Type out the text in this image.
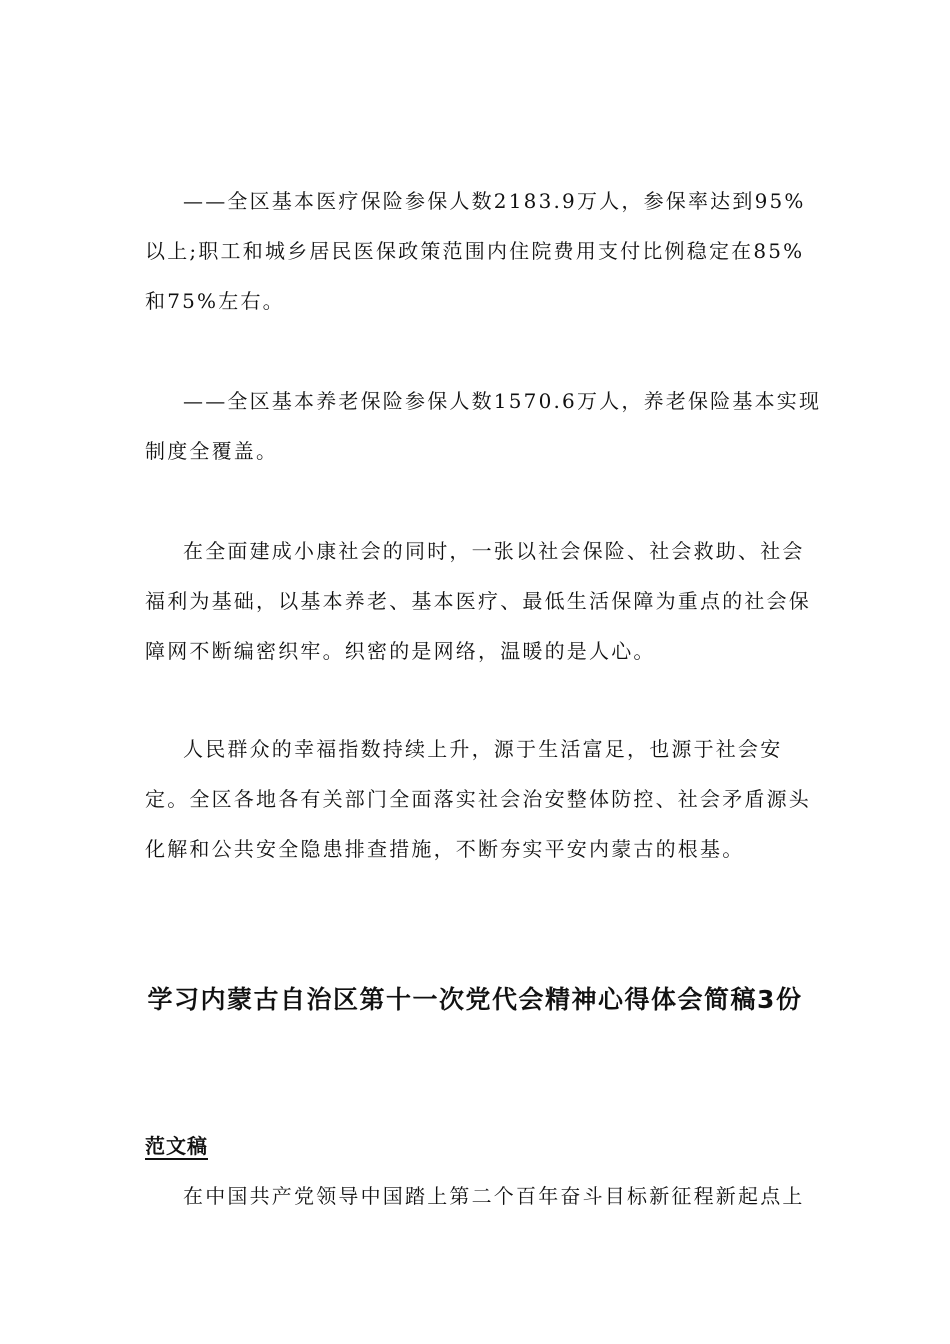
——全区基本医疗保险参保人数2183.9万人，参保率达到95%以上;职工和城乡居民医保政策范围内住院费用支付比例稳定在85%和75%左右。

——全区基本养老保险参保人数1570.6万人，养老保险基本实现制度全覆盖。

在全面建成小康社会的同时，一张以社会保险、社会救助、社会福利为基础，以基本养老、基本医疗、最低生活保障为重点的社会保障网不断编密织牢。织密的是网络，温暖的是人心。

人民群众的幸福指数持续上升，源于生活富足，也源于社会安定。全区各地各有关部门全面落实社会治安整体防控、社会矛盾源头化解和公共安全隐患排查措施，不断夯实平安内蒙古的根基。

学习内蒙古自治区第十一次党代会精神心得体会简稿3份
范文稿

在中国共产党领导中国踏上第二个百年奋斗目标新征程新起点上
